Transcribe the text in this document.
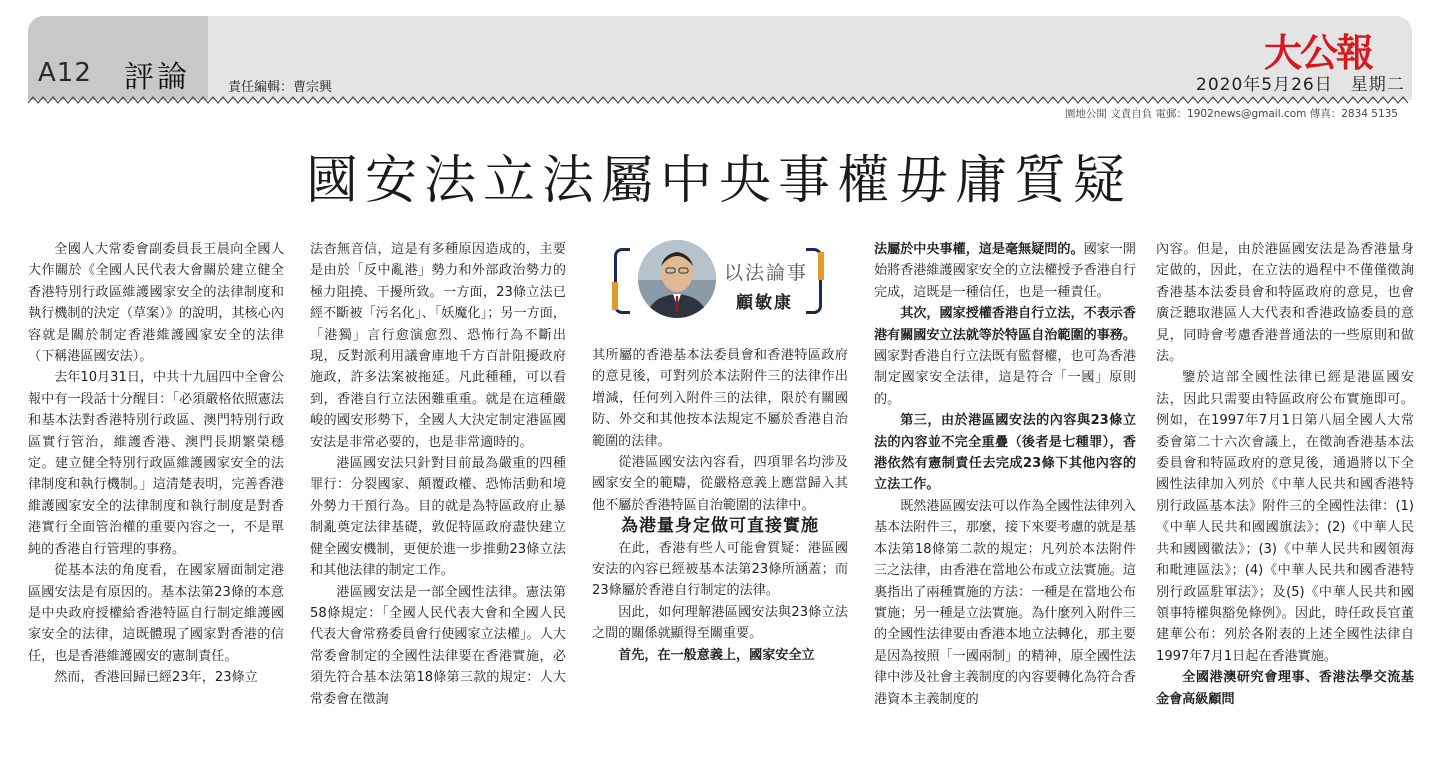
A12 評論	責任編輯：曹宗興
大公報
2020年5月26日　星期二
園地公開 文責自負 電郵：1902news@gmail.com 傳真：2834 5135
國安法立法屬中央事權毋庸質疑

全國人大常委會副委員長王晨向全國人大作關於《全國人民代表大會關於建立健全香港特別行政區維護國家安全的法律制度和執行機制的決定（草案）》的說明，其核心內容就是關於制定香港維護國家安全的法律（下稱港區國安法）。

去年10月31日，中共十九屆四中全會公報中有一段話十分醒目：「必須嚴格依照憲法和基本法對香港特別行政區、澳門特別行政區實行管治，維護香港、澳門長期繁榮穩定。建立健全特別行政區維護國家安全的法律制度和執行機制。」這清楚表明，完善香港維護國家安全的法律制度和執行制度是對香港實行全面管治權的重要內容之一，不是單純的香港自行管理的事務。

從基本法的角度看，在國家層面制定港區國安法是有原因的。基本法第23條的本意是中央政府授權給香港特區自行制定維護國家安全的法律，這既體現了國家對香港的信任，也是香港維護國安的憲制責任。

然而，香港回歸已經23年，23條立

法杳無音信，這是有多種原因造成的，主要是由於「反中亂港」勢力和外部政治勢力的極力阻撓、干擾所致。一方面，23條立法已經不斷被「污名化」、「妖魔化」；另一方面，「港獨」言行愈演愈烈、恐怖行為不斷出現，反對派利用議會庫地千方百計阻擾政府施政，許多法案被拖延。凡此種種，可以看到，香港自行立法困難重重。就是在這種嚴峻的國安形勢下，全國人大決定制定港區國安法是非常必要的，也是非常適時的。

港區國安法只針對目前最為嚴重的四種罪行：分裂國家、顛覆政權、恐怖活動和境外勢力干預行為。目的就是為特區政府止暴制亂奠定法律基礎，敦促特區政府盡快建立健全國安機制，更便於進一步推動23條立法和其他法律的制定工作。

港區國安法是一部全國性法律。憲法第58條規定：「全國人民代表大會和全國人民代表大會常務委員會行使國家立法權」。人大常委會制定的全國性法律要在香港實施，必須先符合基本法第18條第三款的規定：人大常委會在徵詢

以法論事
顧敏康

其所屬的香港基本法委員會和香港特區政府的意見後，可對列於本法附件三的法律作出增減，任何列入附件三的法律，限於有關國防、外交和其他按本法規定不屬於香港自治範圍的法律。

從港區國安法內容看，四項罪名均涉及國家安全的範疇，從嚴格意義上應當歸入其他不屬於香港特區自治範圍的法律中。

為港量身定做可直接實施

在此，香港有些人可能會質疑：港區國安法的內容已經被基本法第23條所涵蓋；而23條屬於香港自行制定的法律。

因此，如何理解港區國安法與23條立法之間的關係就顯得至關重要。

首先，在一般意義上，國家安全立

法屬於中央事權，這是毫無疑問的。國家一開始將香港維護國家安全的立法權授予香港自行完成，這既是一種信任，也是一種責任。

其次，國家授權香港自行立法，不表示香港有關國安立法就等於特區自治範圍的事務。國家對香港自行立法既有監督權，也可為香港制定國家安全法律，這是符合「一國」原則的。

第三，由於港區國安法的內容與23條立法的內容並不完全重疊（後者是七種罪），香港依然有憲制責任去完成23條下其他內容的立法工作。

既然港區國安法可以作為全國性法律列入基本法附件三，那麼，接下來要考慮的就是基本法第18條第二款的規定：凡列於本法附件三之法律，由香港在當地公布或立法實施。這裏指出了兩種實施的方法：一種是在當地公布實施；另一種是立法實施。為什麼列入附件三的全國性法律要由香港本地立法轉化，那主要是因為按照「一國兩制」的精神，原全國性法律中涉及社會主義制度的內容要轉化為符合香港資本主義制度的

內容。但是，由於港區國安法是為香港量身定做的，因此，在立法的過程中不僅僅徵詢香港基本法委員會和特區政府的意見，也會廣泛聽取港區人大代表和香港政協委員的意見，同時會考慮香港普通法的一些原則和做法。

鑒於這部全國性法律已經是港區國安法，因此只需要由特區政府公布實施即可。例如，在1997年7月1日第八屆全國人大常委會第二十六次會議上，在徵詢香港基本法委員會和特區政府的意見後，通過將以下全國性法律加入列於《中華人民共和國香港特別行政區基本法》附件三的全國性法律：(1)《中華人民共和國國旗法》；(2)《中華人民共和國國徽法》；(3)《中華人民共和國領海和毗連區法》；(4)《中華人民共和國香港特別行政區駐軍法》；及(5)《中華人民共和國領事特權與豁免條例》。因此，時任政長官董建華公布：列於各附表的上述全國性法律自1997年7月1日起在香港實施。

全國港澳研究會理事、香港法學交流基金會高級顧問
